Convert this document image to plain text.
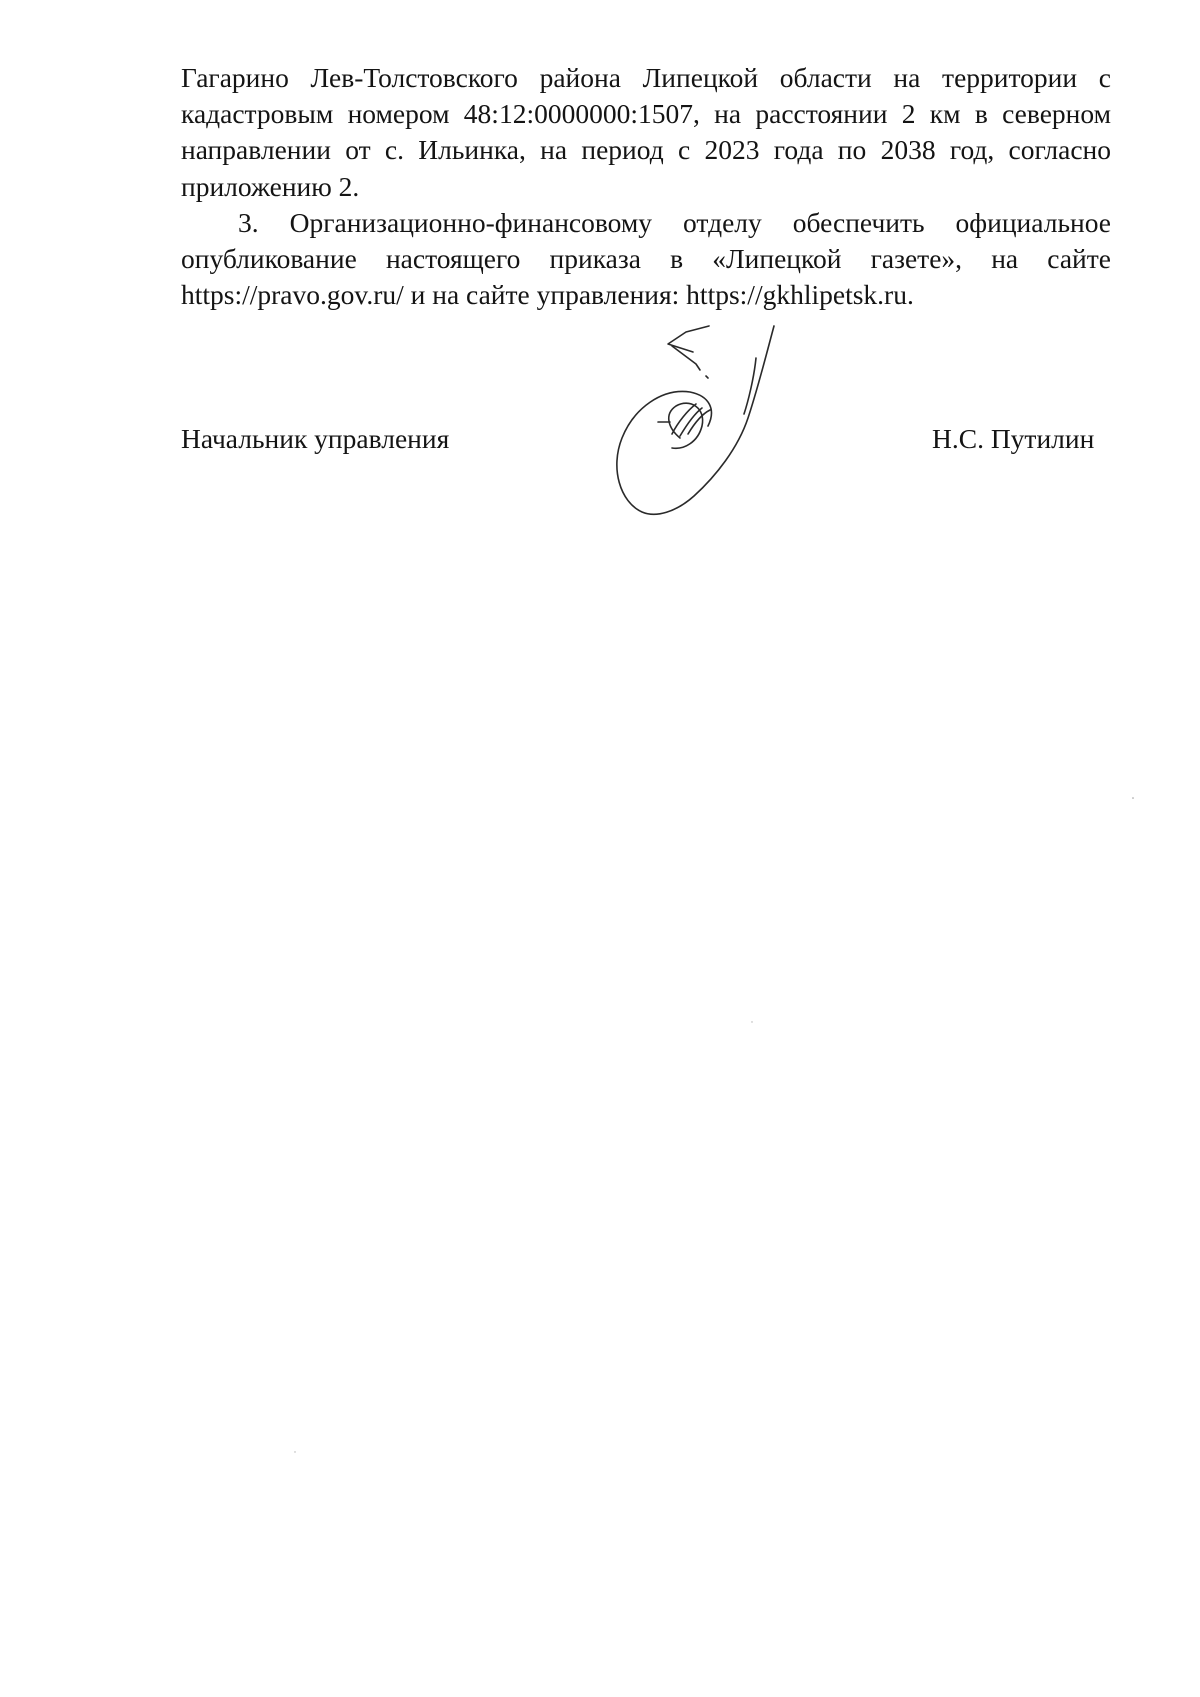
Гагарино Лев-Толстовского района Липецкой области на территории с кадастровым номером 48:12:0000000:1507, на расстоянии 2 км в северном направлении от с. Ильинка, на период с 2023 года по 2038 год, согласно приложению 2.

3. Организационно-финансовому отделу обеспечить официальное опубликование настоящего приказа в «Липецкой газете», на сайте https://pravo.gov.ru/ и на сайте управления: https://gkhlipetsk.ru.

Начальник управления	Н.С. Путилин
